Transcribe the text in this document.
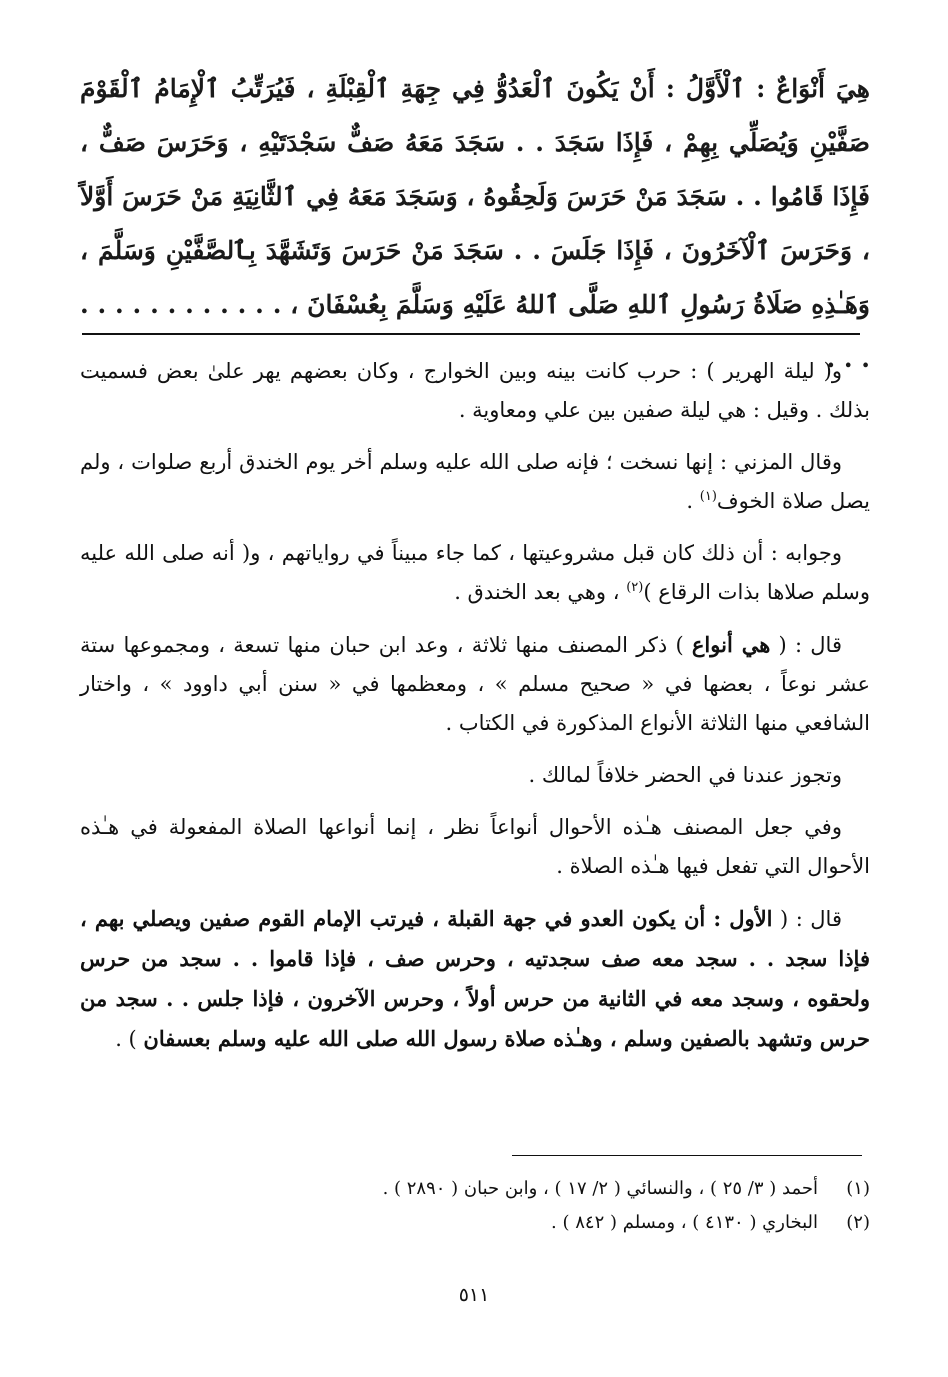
هِيَ أَنْوَاعٌ : ٱلْأَوَّلُ : أَنْ يَكُونَ ٱلْعَدُوُّ فِي جِهَةِ ٱلْقِبْلَةِ ، فَيُرَتِّبُ ٱلْإِمَامُ ٱلْقَوْمَ صَفَّيْنِ وَيُصَلِّي بِهِمْ ، فَإِذَا سَجَدَ . . سَجَدَ مَعَهُ صَفٌّ سَجْدَتَيْهِ ، وَحَرَسَ صَفٌّ ، فَإِذَا قَامُوا . . سَجَدَ مَنْ حَرَسَ وَلَحِقُوهُ ، وَسَجَدَ مَعَهُ فِي ٱلثَّانِيَةِ مَنْ حَرَسَ أَوَّلاً ، وَحَرَسَ ٱلْآخَرُونَ ، فَإِذَا جَلَسَ . . سَجَدَ مَنْ حَرَسَ وَتَشَهَّدَ بِٱلصَّفَّيْنِ وَسَلَّمَ ، وَهَـٰذِهِ صَلَاةُ رَسُولِ ٱللهِ صَلَّى ٱللهُ عَلَيْهِ وَسَلَّمَ بِعُسْفَانَ ، . . . . . . . . . . . . . . .

و( ليلة الهرير ) : حرب كانت بينه وبين الخوارج ، وكان بعضهم يهر علىٰ بعض فسميت بذلك . وقيل : هي ليلة صفين بين علي ومعاوية .

وقال المزني : إنها نسخت ؛ فإنه صلى الله عليه وسلم أخر يوم الخندق أربع صلوات ، ولم يصل صلاة الخوف$^{(١)}$ .

وجوابه : أن ذلك كان قبل مشروعيتها ، كما جاء مبيناً في رواياتهم ، و( أنه صلى الله عليه وسلم صلاها بذات الرقاع )$^{(٢)}$ ، وهي بعد الخندق .

قال : ( هي أنواع ) ذكر المصنف منها ثلاثة ، وعد ابن حبان منها تسعة ، ومجموعها ستة عشر نوعاً ، بعضها في « صحيح مسلم » ، ومعظمها في « سنن أبي داوود » ، واختار الشافعي منها الثلاثة الأنواع المذكورة في الكتاب .

وتجوز عندنا في الحضر خلافاً لمالك .

وفي جعل المصنف هـٰذه الأحوال أنواعاً نظر ، إنما أنواعها الصلاة المفعولة في هـٰذه الأحوال التي تفعل فيها هـٰذه الصلاة .

قال : ( الأول : أن يكون العدو في جهة القبلة ، فيرتب الإمام القوم صفين ويصلي بهم ، فإذا سجد . . سجد معه صف سجدتيه ، وحرس صف ، فإذا قاموا . . سجد من حرس ولحقوه ، وسجد معه في الثانية من حرس أولاً ، وحرس الآخرون ، فإذا جلس . . سجد من حرس وتشهد بالصفين وسلم ، وهـٰذه صلاة رسول الله صلى الله عليه وسلم بعسفان ) .

(١)
أحمد ( ٣/ ٢٥ ) ، والنسائي ( ٢/ ١٧ ) ، وابن حبان ( ٢٨٩٠ ) .
(٢)
البخاري ( ٤١٣٠ ) ، ومسلم ( ٨٤٢ ) .
٥١١
